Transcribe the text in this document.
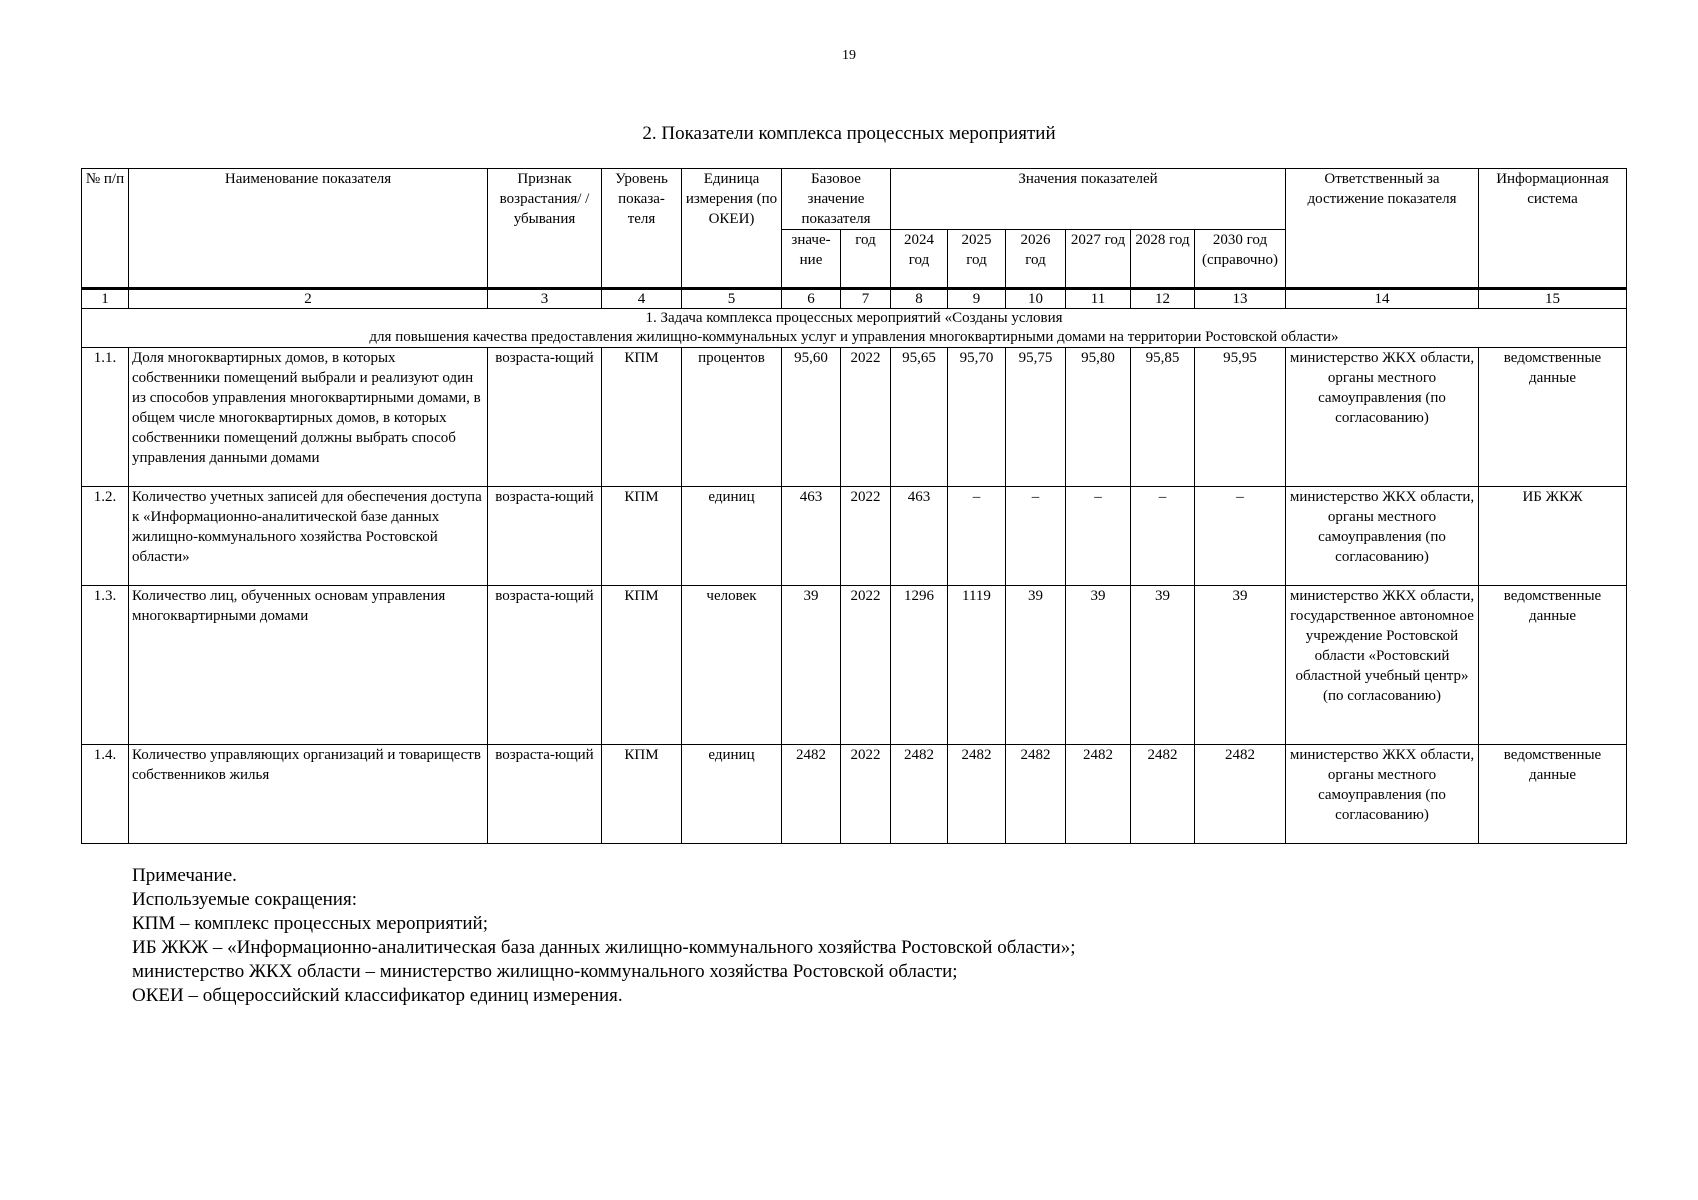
19
2. Показатели комплекса процессных мероприятий
№ п/п	Наименование показателя	Признак возрастания/ /убывания	Уровень показа-теля	Единица измерения (по ОКЕИ)	Базовое значение показателя		Значения показателей						Ответственный за достижение показателя	Информационная система
					значе-ние	год	2024 год	2025 год	2026 год	2027 год	2028 год	2030 год (справочно)		
1	2	3	4	5	6	7	8	9	10	11	12	13	14	15

1. Задача комплекса процессных мероприятий «Созданы условия
для повышения качества предоставления жилищно-коммунальных услуг и управления многоквартирными домами на территории Ростовской области»														

1.1.	Доля многоквартирных домов, в которых собственники помещений выбрали и реализуют один из способов управления многоквартирными домами, в общем числе многоквартирных домов, в которых собственники помещений должны выбрать способ управления данными домами	возраста-ющий	КПМ	процентов	95,60	2022	95,65	95,70	95,75	95,80	95,85	95,95	министерство ЖКХ области, органы местного самоуправления (по согласованию)	ведомственные данные
1.2.	Количество учетных записей для обеспечения доступа к «Информационно-аналитической базе данных жилищно-коммунального хозяйства Ростовской области»	возраста-ющий	КПМ	единиц	463	2022	463	–	–	–	–	–	министерство ЖКХ области, органы местного самоуправления (по согласованию)	ИБ ЖКЖ
1.3.	Количество лиц, обученных основам управления многоквартирными домами	возраста-ющий	КПМ	человек	39	2022	1296	1119	39	39	39	39	министерство ЖКХ области, государственное автономное учреждение Ростовской области «Ростовский областной учебный центр» (по согласованию)	ведомственные данные
1.4.	Количество управляющих организаций и товариществ собственников жилья	возраста-ющий	КПМ	единиц	2482	2022	2482	2482	2482	2482	2482	2482	министерство ЖКХ области, органы местного самоуправления (по согласованию)	ведомственные данные
Примечание.
Используемые сокращения:
КПМ – комплекс процессных мероприятий;
ИБ ЖКЖ – «Информационно-аналитическая база данных жилищно-коммунального хозяйства Ростовской области»;
министерство ЖКХ области – министерство жилищно-коммунального хозяйства Ростовской области;
ОКЕИ – общероссийский классификатор единиц измерения.
